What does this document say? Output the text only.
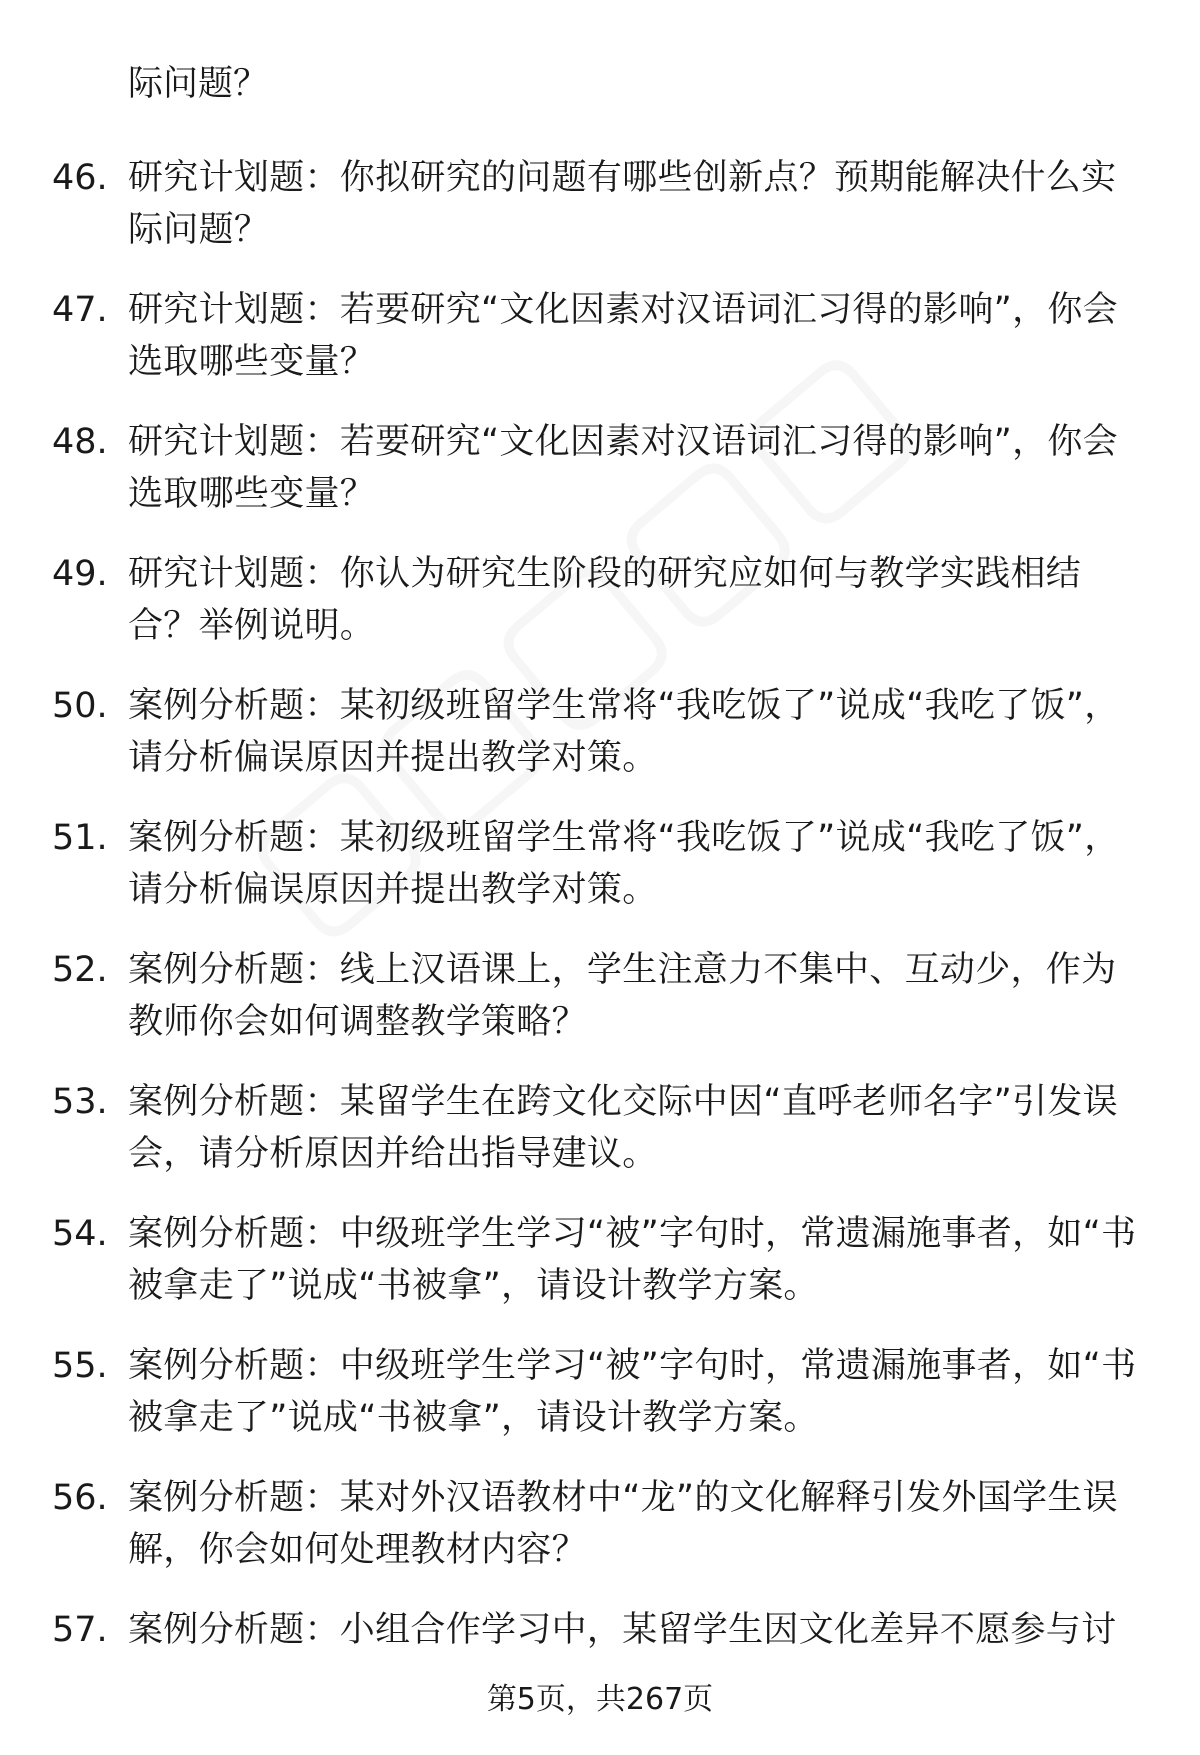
际问题？
46. 研究计划题：你拟研究的问题有哪些创新点？预期能解决什么实际问题？
47. 研究计划题：若要研究“文化因素对汉语词汇习得的影响”，你会选取哪些变量？
48. 研究计划题：若要研究“文化因素对汉语词汇习得的影响”，你会选取哪些变量？
49. 研究计划题：你认为研究生阶段的研究应如何与教学实践相结合？举例说明。
50. 案例分析题：某初级班留学生常将“我吃饭了”说成“我吃了饭”，请分析偏误原因并提出教学对策。
51. 案例分析题：某初级班留学生常将“我吃饭了”说成“我吃了饭”，请分析偏误原因并提出教学对策。
52. 案例分析题：线上汉语课上，学生注意力不集中、互动少，作为教师你会如何调整教学策略？
53. 案例分析题：某留学生在跨文化交际中因“直呼老师名字”引发误会，请分析原因并给出指导建议。
54. 案例分析题：中级班学生学习“被”字句时，常遗漏施事者，如“书被拿走了”说成“书被拿”，请设计教学方案。
55. 案例分析题：中级班学生学习“被”字句时，常遗漏施事者，如“书被拿走了”说成“书被拿”，请设计教学方案。
56. 案例分析题：某对外汉语教材中“龙”的文化解释引发外国学生误解，你会如何处理教材内容？
57. 案例分析题：小组合作学习中，某留学生因文化差异不愿参与讨
第5页，共267页
